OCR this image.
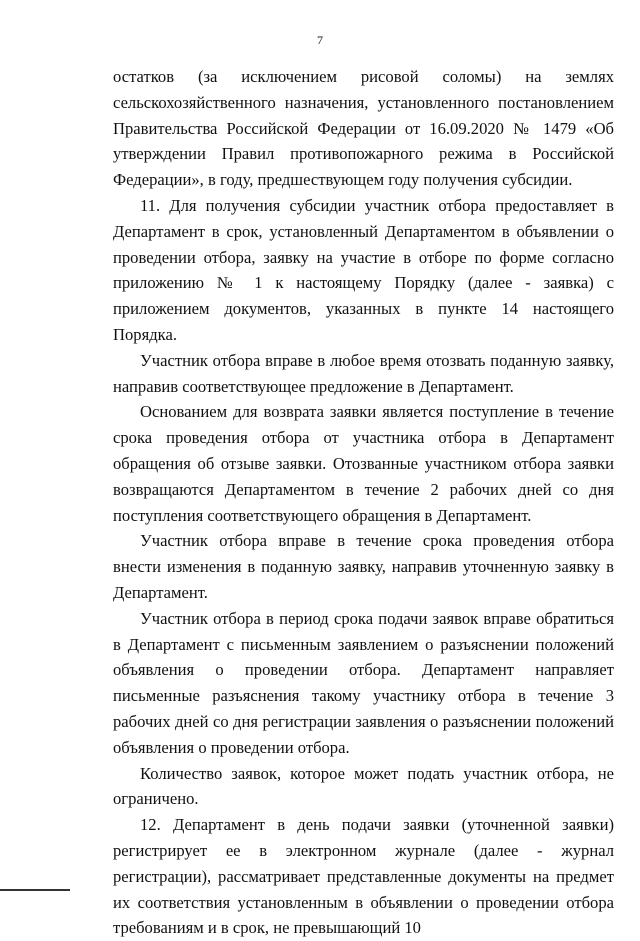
7

остатков (за исключением рисовой соломы) на землях сельскохозяйственного назначения, установленного постановлением Правительства Российской Федерации от 16.09.2020 № 1479 «Об утверждении Правил противопожарного режима в Российской Федерации», в году, предшествующем году получения субсидии.

11. Для получения субсидии участник отбора предоставляет в Департамент в срок, установленный Департаментом в объявлении о проведении отбора, заявку на участие в отборе по форме согласно приложению № 1 к настоящему Порядку (далее - заявка) с приложением документов, указанных в пункте 14 настоящего Порядка.

Участник отбора вправе в любое время отозвать поданную заявку, направив соответствующее предложение в Департамент.

Основанием для возврата заявки является поступление в течение срока проведения отбора от участника отбора в Департамент обращения об отзыве заявки. Отозванные участником отбора заявки возвращаются Департаментом в течение 2 рабочих дней со дня поступления соответствующего обращения в Департамент.

Участник отбора вправе в течение срока проведения отбора внести изменения в поданную заявку, направив уточненную заявку в Департамент.

Участник отбора в период срока подачи заявок вправе обратиться в Департамент с письменным заявлением о разъяснении положений объявления о проведении отбора. Департамент направляет письменные разъяснения такому участнику отбора в течение 3 рабочих дней со дня регистрации заявления о разъяснении положений объявления о проведении отбора.

Количество заявок, которое может подать участник отбора, не ограничено.

12. Департамент в день подачи заявки (уточненной заявки) регистрирует ее в электронном журнале (далее - журнал регистрации), рассматривает представленные документы на предмет их соответствия установленным в объявлении о проведении отбора требованиям и в срок, не превышающий 10
